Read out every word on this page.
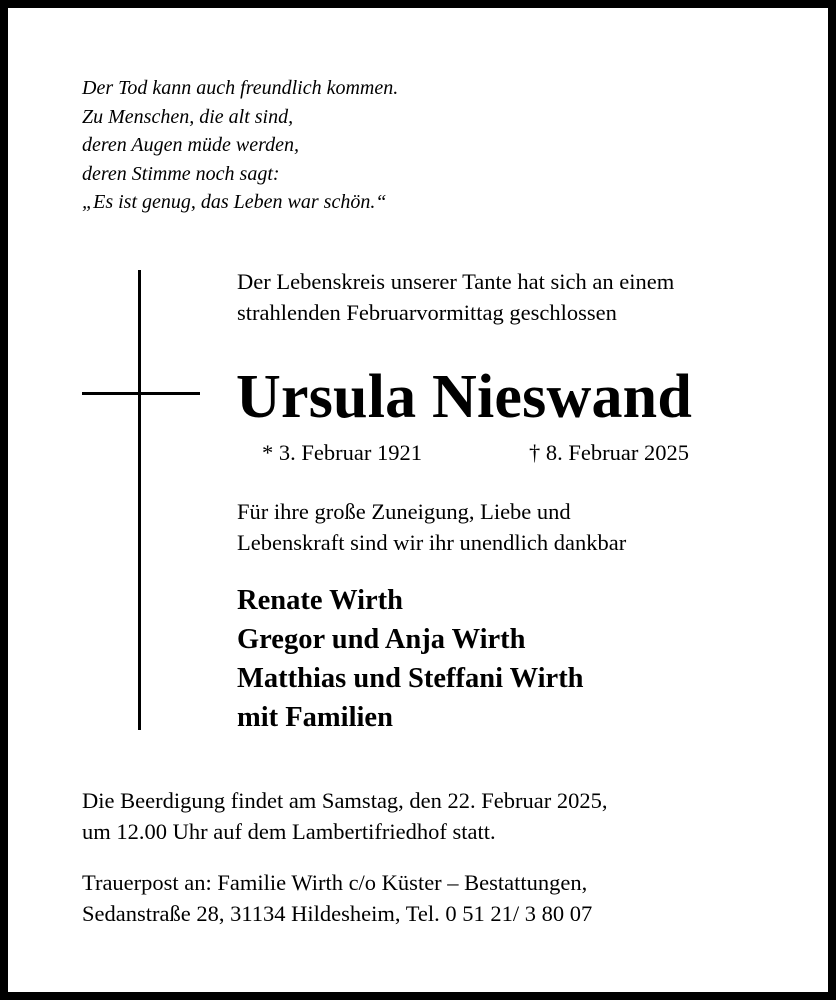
Der Tod kann auch freundlich kommen.
Zu Menschen, die alt sind,
deren Augen müde werden,
deren Stimme noch sagt:
„Es ist genug, das Leben war schön.“
Der Lebenskreis unserer Tante hat sich an einem
strahlenden Februarvormittag geschlossen
Ursula Nieswand
* 3. Februar 1921	† 8. Februar 2025
Für ihre große Zuneigung, Liebe und
Lebenskraft sind wir ihr unendlich dankbar
Renate Wirth
Gregor und Anja Wirth
Matthias und Steffani Wirth
mit Familien
Die Beerdigung findet am Samstag, den 22. Februar 2025,
um 12.00 Uhr auf dem Lambertifriedhof statt.
Trauerpost an: Familie Wirth c/o Küster – Bestattungen,
Sedanstraße 28, 31134 Hildesheim, Tel. 0 51 21/ 3 80 07
